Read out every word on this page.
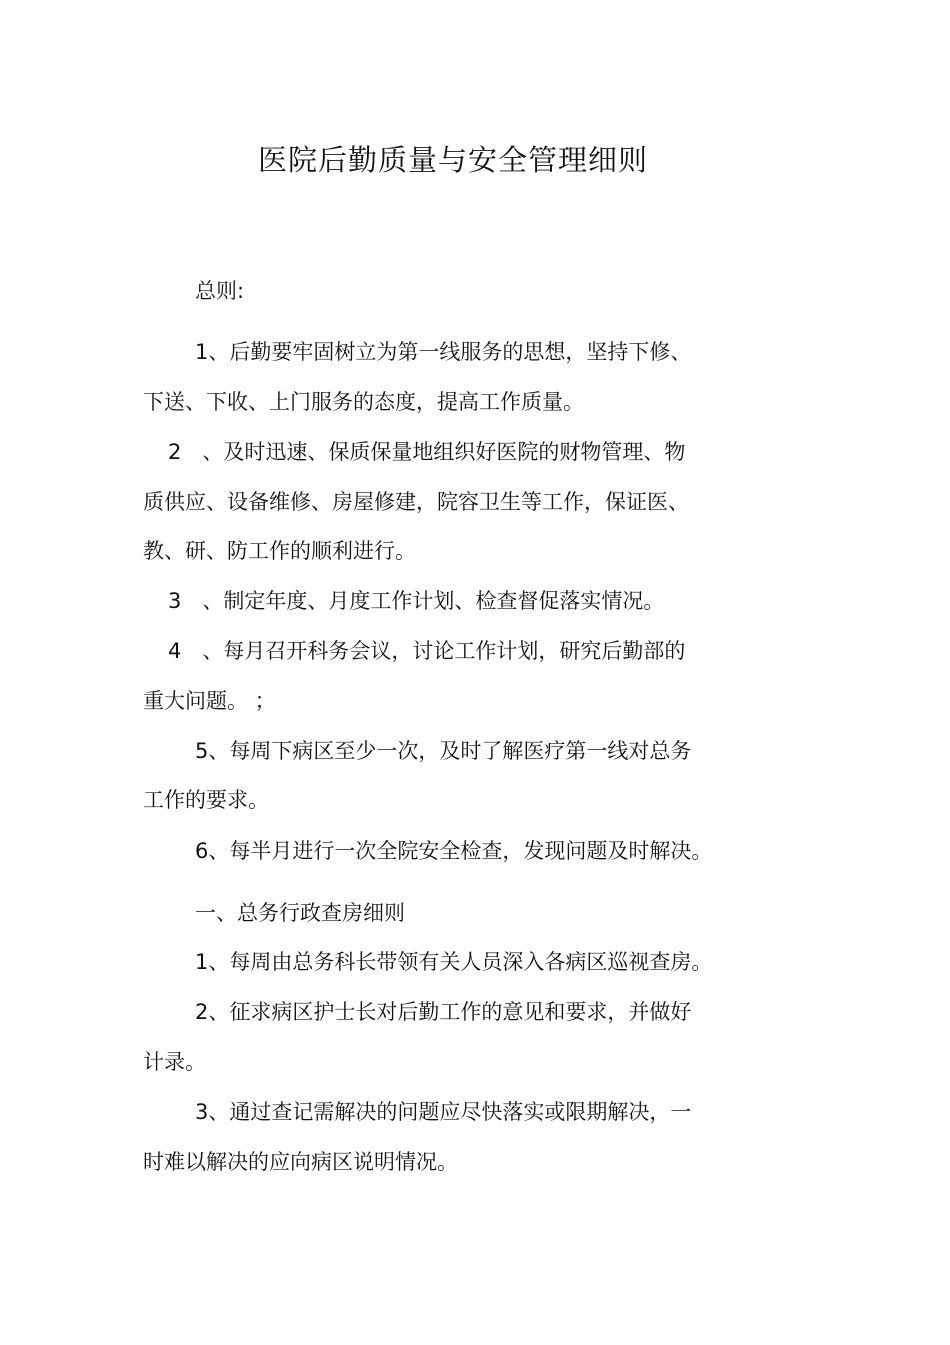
医院后勤质量与安全管理细则
总则:
1、后勤要牢固树立为第一线服务的思想，坚持下修、
下送、下收、上门服务的态度，提高工作质量。
2　、及时迅速、保质保量地组织好医院的财物管理、物
质供应、设备维修、房屋修建，院容卫生等工作，保证医、
教、研、防工作的顺利进行。
3　、制定年度、月度工作计划、检查督促落实情况。
4　、每月召开科务会议，讨论工作计划，研究后勤部的
重大问题。 ；
5、每周下病区至少一次，及时了解医疗第一线对总务
工作的要求。
6、每半月进行一次全院安全检查，发现问题及时解决。
一、总务行政查房细则
1、每周由总务科长带领有关人员深入各病区巡视查房。
2、征求病区护士长对后勤工作的意见和要求，并做好
计录。
3、通过查记需解决的问题应尽快落实或限期解决，一
时难以解决的应向病区说明情况。
